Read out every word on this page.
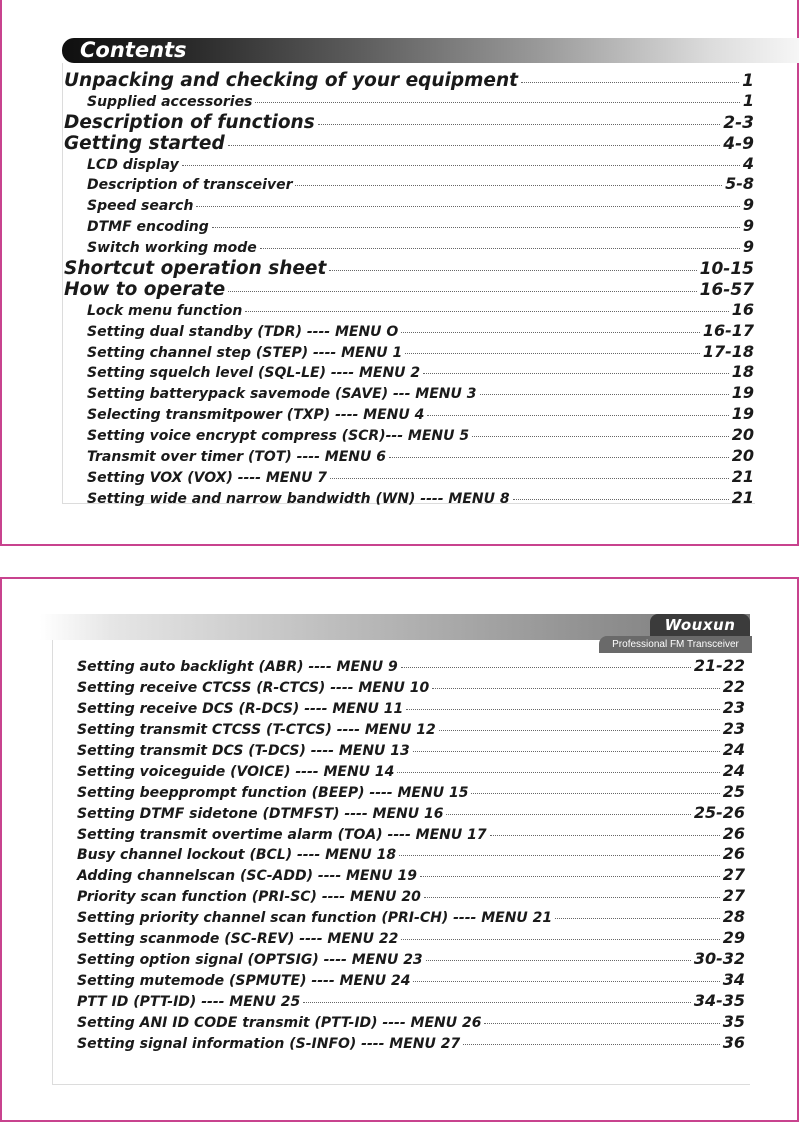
Contents
Unpacking and checking of your equipment	1
Supplied accessories	1
Description of functions	2-3
Getting started	4-9
LCD display	4
Description of transceiver	5-8
Speed search	9
DTMF encoding	9
Switch working mode	9
Shortcut operation sheet	10-15
How to operate	16-57
Lock menu function	16
Setting dual standby (TDR) ---- MENU O	16-17
Setting channel step (STEP) ---- MENU 1	17-18
Setting squelch level (SQL-LE) ---- MENU 2	18
Setting batterypack savemode (SAVE) --- MENU 3	19
Selecting transmitpower (TXP) ---- MENU 4	19
Setting voice encrypt compress (SCR)--- MENU 5	20
Transmit over timer (TOT) ---- MENU 6	20
Setting VOX (VOX) ---- MENU 7	21
Setting wide and narrow bandwidth (WN) ---- MENU 8	21
Wouxun
Professional FM Transceiver
Setting auto backlight (ABR) ---- MENU 9	21-22
Setting receive CTCSS (R-CTCS) ---- MENU 10	22
Setting receive DCS (R-DCS) ---- MENU 11	23
Setting transmit CTCSS (T-CTCS) ---- MENU 12	23
Setting transmit DCS (T-DCS) ---- MENU 13	24
Setting voiceguide (VOICE) ---- MENU 14	24
Setting beepprompt function (BEEP) ---- MENU 15	25
Setting DTMF sidetone (DTMFST) ---- MENU 16	25-26
Setting transmit overtime alarm (TOA) ---- MENU 17	26
Busy channel lockout (BCL) ---- MENU 18	26
Adding channelscan (SC-ADD) ---- MENU 19	27
Priority scan function (PRI-SC) ---- MENU 20	27
Setting priority channel scan function (PRI-CH) ---- MENU 21	28
Setting scanmode (SC-REV) ---- MENU 22	29
Setting option signal (OPTSIG) ---- MENU 23	30-32
Setting mutemode (SPMUTE) ---- MENU 24	34
PTT ID (PTT-ID) ---- MENU 25	34-35
Setting ANI ID CODE transmit (PTT-ID) ---- MENU 26	35
Setting signal information (S-INFO) ---- MENU 27	36
